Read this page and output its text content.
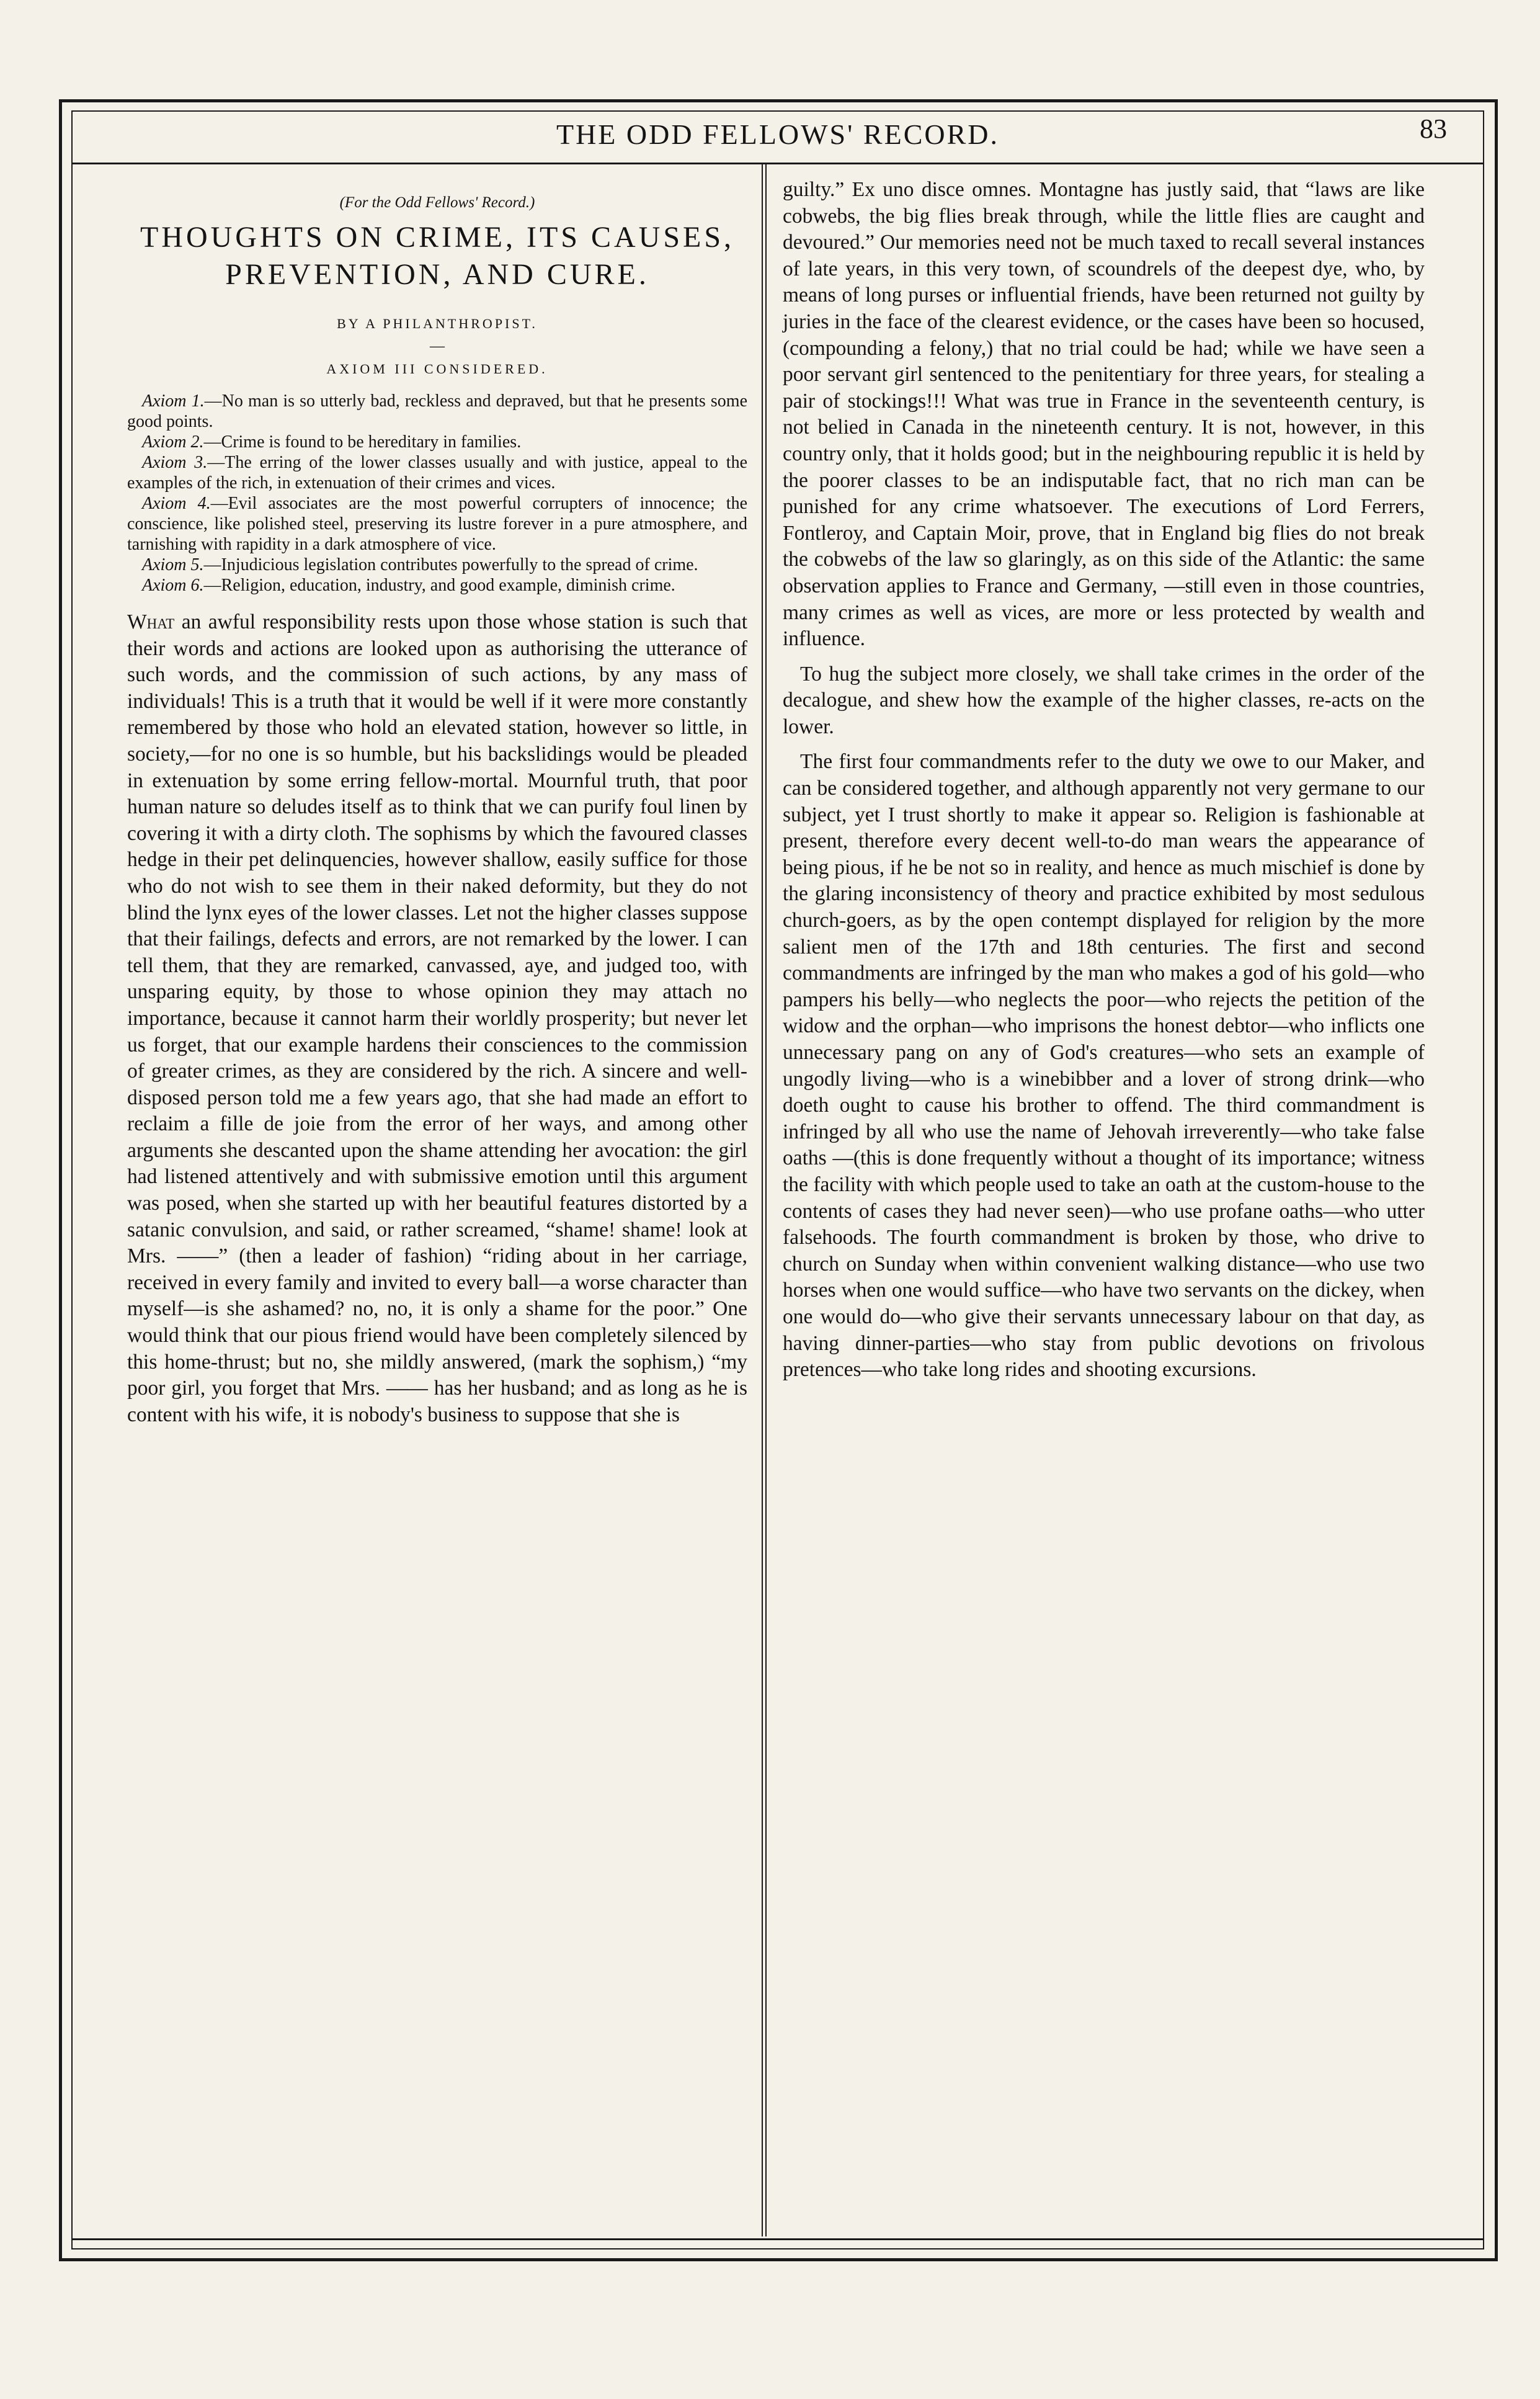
THE ODD FELLOWS' RECORD.	83
(For the Odd Fellows' Record.)
THOUGHTS ON CRIME, ITS CAUSES,
PREVENTION, AND CURE.
BY A PHILANTHROPIST.
—
AXIOM III CONSIDERED.

Axiom 1.—No man is so utterly bad, reckless and depraved, but that he presents some good points.

Axiom 2.—Crime is found to be hereditary in families.

Axiom 3.—The erring of the lower classes usually and with justice, appeal to the examples of the rich, in extenuation of their crimes and vices.

Axiom 4.—Evil associates are the most powerful corrupters of innocence; the conscience, like polished steel, preserving its lustre forever in a pure atmosphere, and tarnishing with rapidity in a dark atmosphere of vice.

Axiom 5.—Injudicious legislation contributes powerfully to the spread of crime.

Axiom 6.—Religion, education, industry, and good example, diminish crime.

What an awful responsibility rests upon those whose station is such that their words and actions are looked upon as authorising the utterance of such words, and the commission of such actions, by any mass of individuals! This is a truth that it would be well if it were more constantly remembered by those who hold an elevated station, however so little, in society,—for no one is so humble, but his backslidings would be pleaded in extenuation by some erring fellow-mortal. Mournful truth, that poor human nature so deludes itself as to think that we can purify foul linen by covering it with a dirty cloth. The sophisms by which the favoured classes hedge in their pet delinquencies, however shallow, easily suffice for those who do not wish to see them in their naked deformity, but they do not blind the lynx eyes of the lower classes. Let not the higher classes suppose that their failings, defects and errors, are not remarked by the lower. I can tell them, that they are remarked, canvassed, aye, and judged too, with unsparing equity, by those to whose opinion they may attach no importance, because it cannot harm their worldly prosperity; but never let us forget, that our example hardens their consciences to the commission of greater crimes, as they are considered by the rich. A sincere and well-disposed person told me a few years ago, that she had made an effort to reclaim a fille de joie from the error of her ways, and among other arguments she descanted upon the shame attending her avocation: the girl had listened attentively and with submissive emotion until this argument was posed, when she started up with her beautiful features distorted by a satanic convulsion, and said, or rather screamed, “shame! shame! look at Mrs. ——” (then a leader of fashion) “riding about in her carriage, received in every family and invited to every ball—a worse character than myself—is she ashamed? no, no, it is only a shame for the poor.” One would think that our pious friend would have been completely silenced by this home-thrust; but no, she mildly answered, (mark the sophism,) “my poor girl, you forget that Mrs. —— has her husband; and as long as he is content with his wife, it is nobody's business to suppose that she is

guilty.” Ex uno disce omnes. Montagne has justly said, that “laws are like cobwebs, the big flies break through, while the little flies are caught and devoured.” Our memories need not be much taxed to recall several instances of late years, in this very town, of scoundrels of the deepest dye, who, by means of long purses or influential friends, have been returned not guilty by juries in the face of the clearest evidence, or the cases have been so hocused, (compounding a felony,) that no trial could be had; while we have seen a poor servant girl sentenced to the penitentiary for three years, for stealing a pair of stockings!!! What was true in France in the seventeenth century, is not belied in Canada in the nineteenth century. It is not, however, in this country only, that it holds good; but in the neighbouring republic it is held by the poorer classes to be an indisputable fact, that no rich man can be punished for any crime whatsoever. The executions of Lord Ferrers, Fontleroy, and Captain Moir, prove, that in England big flies do not break the cobwebs of the law so glaringly, as on this side of the Atlantic: the same observation applies to France and Germany, —still even in those countries, many crimes as well as vices, are more or less protected by wealth and influence.

To hug the subject more closely, we shall take crimes in the order of the decalogue, and shew how the example of the higher classes, re-acts on the lower.

The first four commandments refer to the duty we owe to our Maker, and can be considered together, and although apparently not very germane to our subject, yet I trust shortly to make it appear so. Religion is fashionable at present, therefore every decent well-to-do man wears the appearance of being pious, if he be not so in reality, and hence as much mischief is done by the glaring inconsistency of theory and practice exhibited by most sedulous church-goers, as by the open contempt displayed for religion by the more salient men of the 17th and 18th centuries. The first and second commandments are infringed by the man who makes a god of his gold—who pampers his belly—who neglects the poor—who rejects the petition of the widow and the orphan—who imprisons the honest debtor—who inflicts one unnecessary pang on any of God's creatures—who sets an example of ungodly living—who is a winebibber and a lover of strong drink—who doeth ought to cause his brother to offend. The third commandment is infringed by all who use the name of Jehovah irreverently—who take false oaths —(this is done frequently without a thought of its importance; witness the facility with which people used to take an oath at the custom-house to the contents of cases they had never seen)—who use profane oaths—who utter falsehoods. The fourth commandment is broken by those, who drive to church on Sunday when within convenient walking distance—who use two horses when one would suffice—who have two servants on the dickey, when one would do—who give their servants unnecessary labour on that day, as having dinner-parties—who stay from public devotions on frivolous pretences—who take long rides and shooting excursions.
